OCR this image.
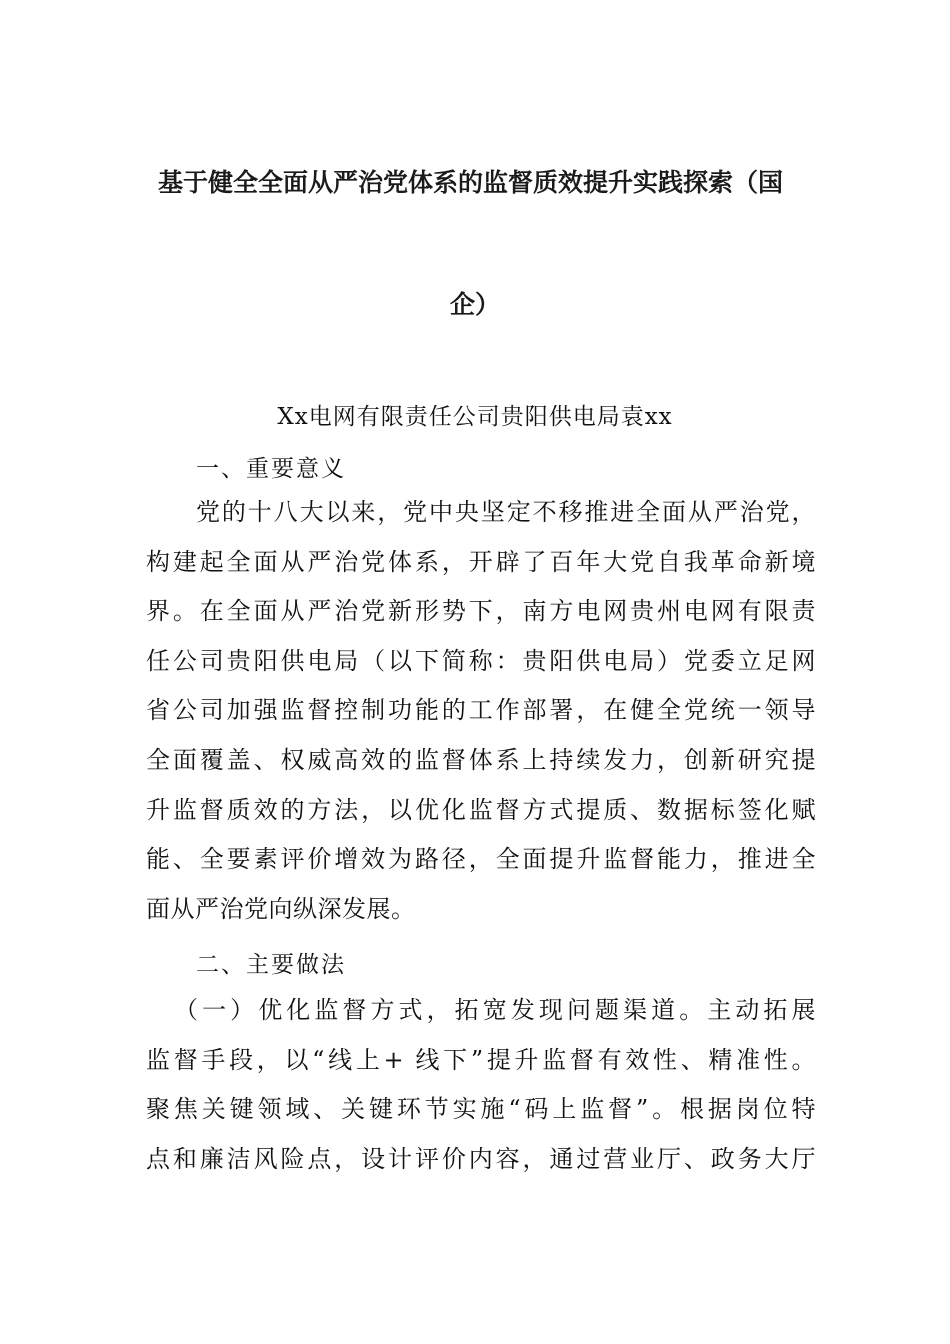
基于健全全面从严治党体系的监督质效提升实践探索（国
企）
Xx电网有限责任公司贵阳供电局袁xx
一、重要意义
党的十八大以来，党中央坚定不移推进全面从严治党，
构建起全面从严治党体系，开辟了百年大党自我革命新境
界。在全面从严治党新形势下，南方电网贵州电网有限责
任公司贵阳供电局（以下简称：贵阳供电局）党委立足网
省公司加强监督控制功能的工作部署，在健全党统一领导
全面覆盖、权威高效的监督体系上持续发力，创新研究提
升监督质效的方法，以优化监督方式提质、数据标签化赋
能、全要素评价增效为路径，全面提升监督能力，推进全
面从严治党向纵深发展。
二、主要做法
（一）优化监督方式，拓宽发现问题渠道。主动拓展
监督手段，以“线上+ 线下”提升监督有效性、精准性。
聚焦关键领域、关键环节实施“码上监督”。根据岗位特
点和廉洁风险点，设计评价内容，通过营业厅、政务大厅
